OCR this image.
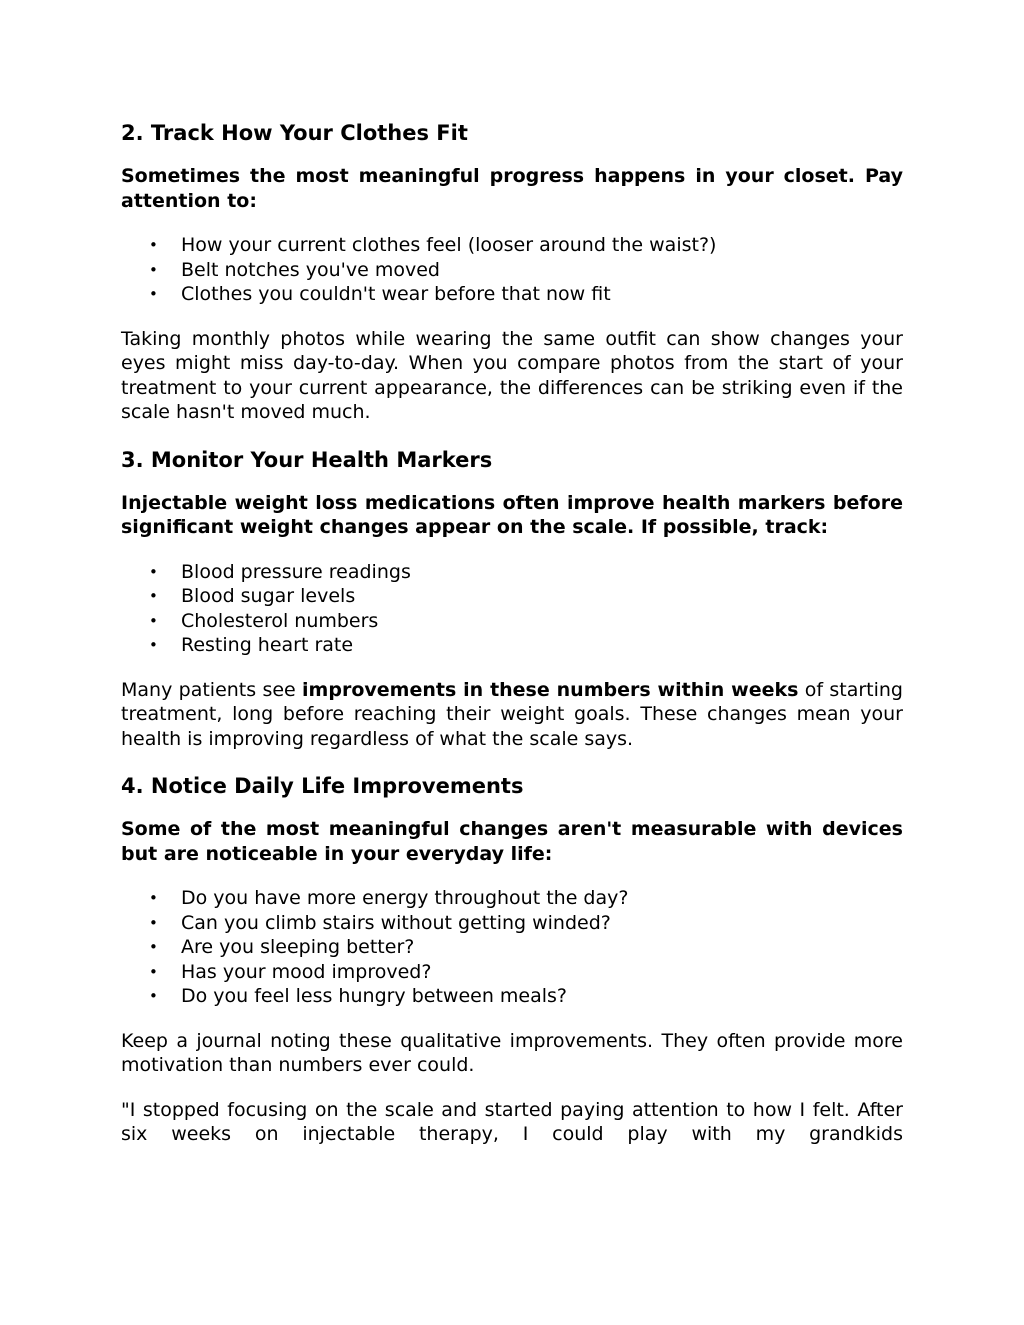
2. Track How Your Clothes Fit

Sometimes the most meaningful progress happens in your closet. Pay attention to:

• How your current clothes feel (looser around the waist?)
• Belt notches you've moved
• Clothes you couldn't wear before that now fit

Taking monthly photos while wearing the same outfit can show changes your eyes might miss day-to-day. When you compare photos from the start of your treatment to your current appearance, the differences can be striking even if the scale hasn't moved much.

3. Monitor Your Health Markers

Injectable weight loss medications often improve health markers before significant weight changes appear on the scale. If possible, track:

• Blood pressure readings
• Blood sugar levels
• Cholesterol numbers
• Resting heart rate

Many patients see improvements in these numbers within weeks of starting treatment, long before reaching their weight goals. These changes mean your health is improving regardless of what the scale says.

4. Notice Daily Life Improvements

Some of the most meaningful changes aren't measurable with devices but are noticeable in your everyday life:

• Do you have more energy throughout the day?
• Can you climb stairs without getting winded?
• Are you sleeping better?
• Has your mood improved?
• Do you feel less hungry between meals?

Keep a journal noting these qualitative improvements. They often provide more motivation than numbers ever could.

"I stopped focusing on the scale and started paying attention to how I felt. After six weeks on injectable therapy, I could play with my grandkids
